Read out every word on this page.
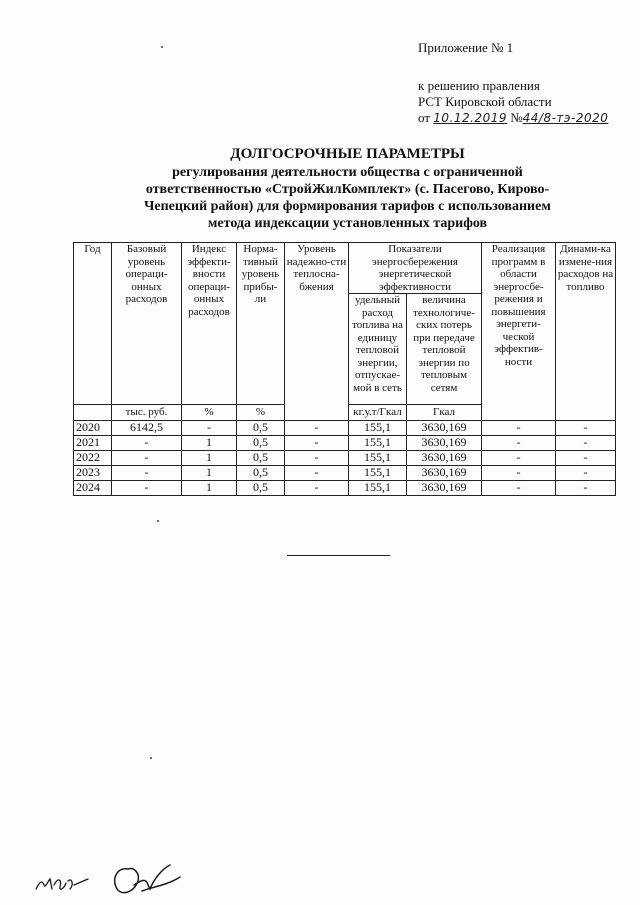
Приложение № 1
к решению правления
РСТ Кировской области
от 10.12.2019 №44/8-тэ-2020
ДОЛГОСРОЧНЫЕ ПАРАМЕТРЫ
регулирования деятельности общества с ограниченной
ответственностью «СтройЖилКомплект» (с. Пасегово, Кирово-
Чепецкий район) для формирования тарифов с использованием
метода индексации установленных тарифов
Год	Базовый уровень операци-онных расходов	Индекс эффекти-вности операци-онных расходов	Норма-тивный уровень прибы-ли	Уровень надежно-сти теплосна-бжения	Показатели энергосбережения энергетической эффективности		Реализация программ в области энергосбе-режения и повышения энергети-ческой эффектив-ности	Динами-ка измене-ния расходов на топливо
					удельный расход топлива на единицу тепловой энергии, отпускае-мой в сеть	величина технологиче-ских потерь при передаче тепловой энергии по тепловым сетям		
	тыс. руб.	%	%		кг.у.т/Гкал	Гкал		
2020	6142,5	-	0,5	-	155,1	3630,169	-	-
2021	-	1	0,5	-	155,1	3630,169	-	-
2022	-	1	0,5	-	155,1	3630,169	-	-
2023	-	1	0,5	-	155,1	3630,169	-	-
2024	-	1	0,5	-	155,1	3630,169	-	-
